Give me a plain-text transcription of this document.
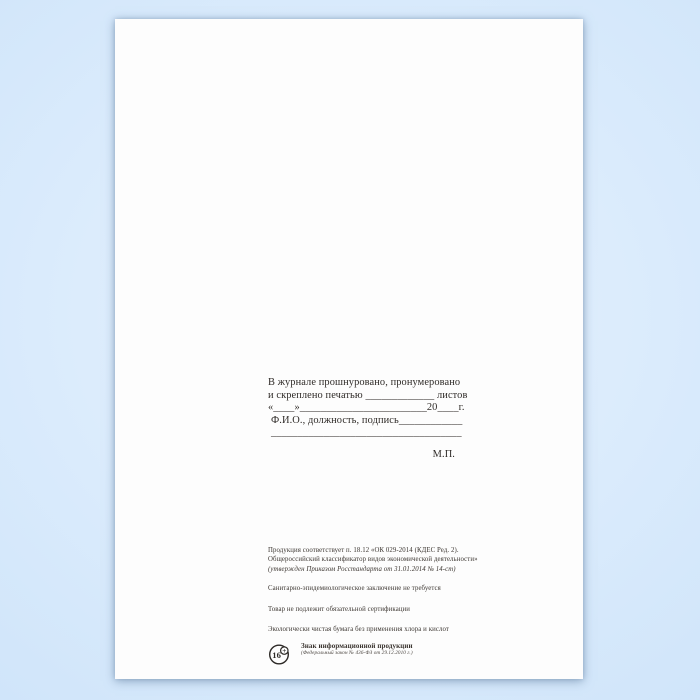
В журнале прошнуровано, пронумеровано
и скреплено печатью _____________ листов
«____»________________________20____г.
Ф.И.О., должность, подпись____________
____________________________________
М.П.

Продукция соответствует п. 18.12 «ОК 029-2014 (КДЕС Ред. 2).

Общероссийский классификатор видов экономической деятельности»

(утвержден Приказом Росстандарта от 31.01.2014 № 14-ст)

Санитарно-эпидемиологическое заключение не требуется

Товар не подлежит обязательной сертификации

Экологически чистая бумага без применения хлора и кислот

16 +
Знак информационной продукции
(Федеральный закон № 436-ФЗ от 29.12.2010 г.)
